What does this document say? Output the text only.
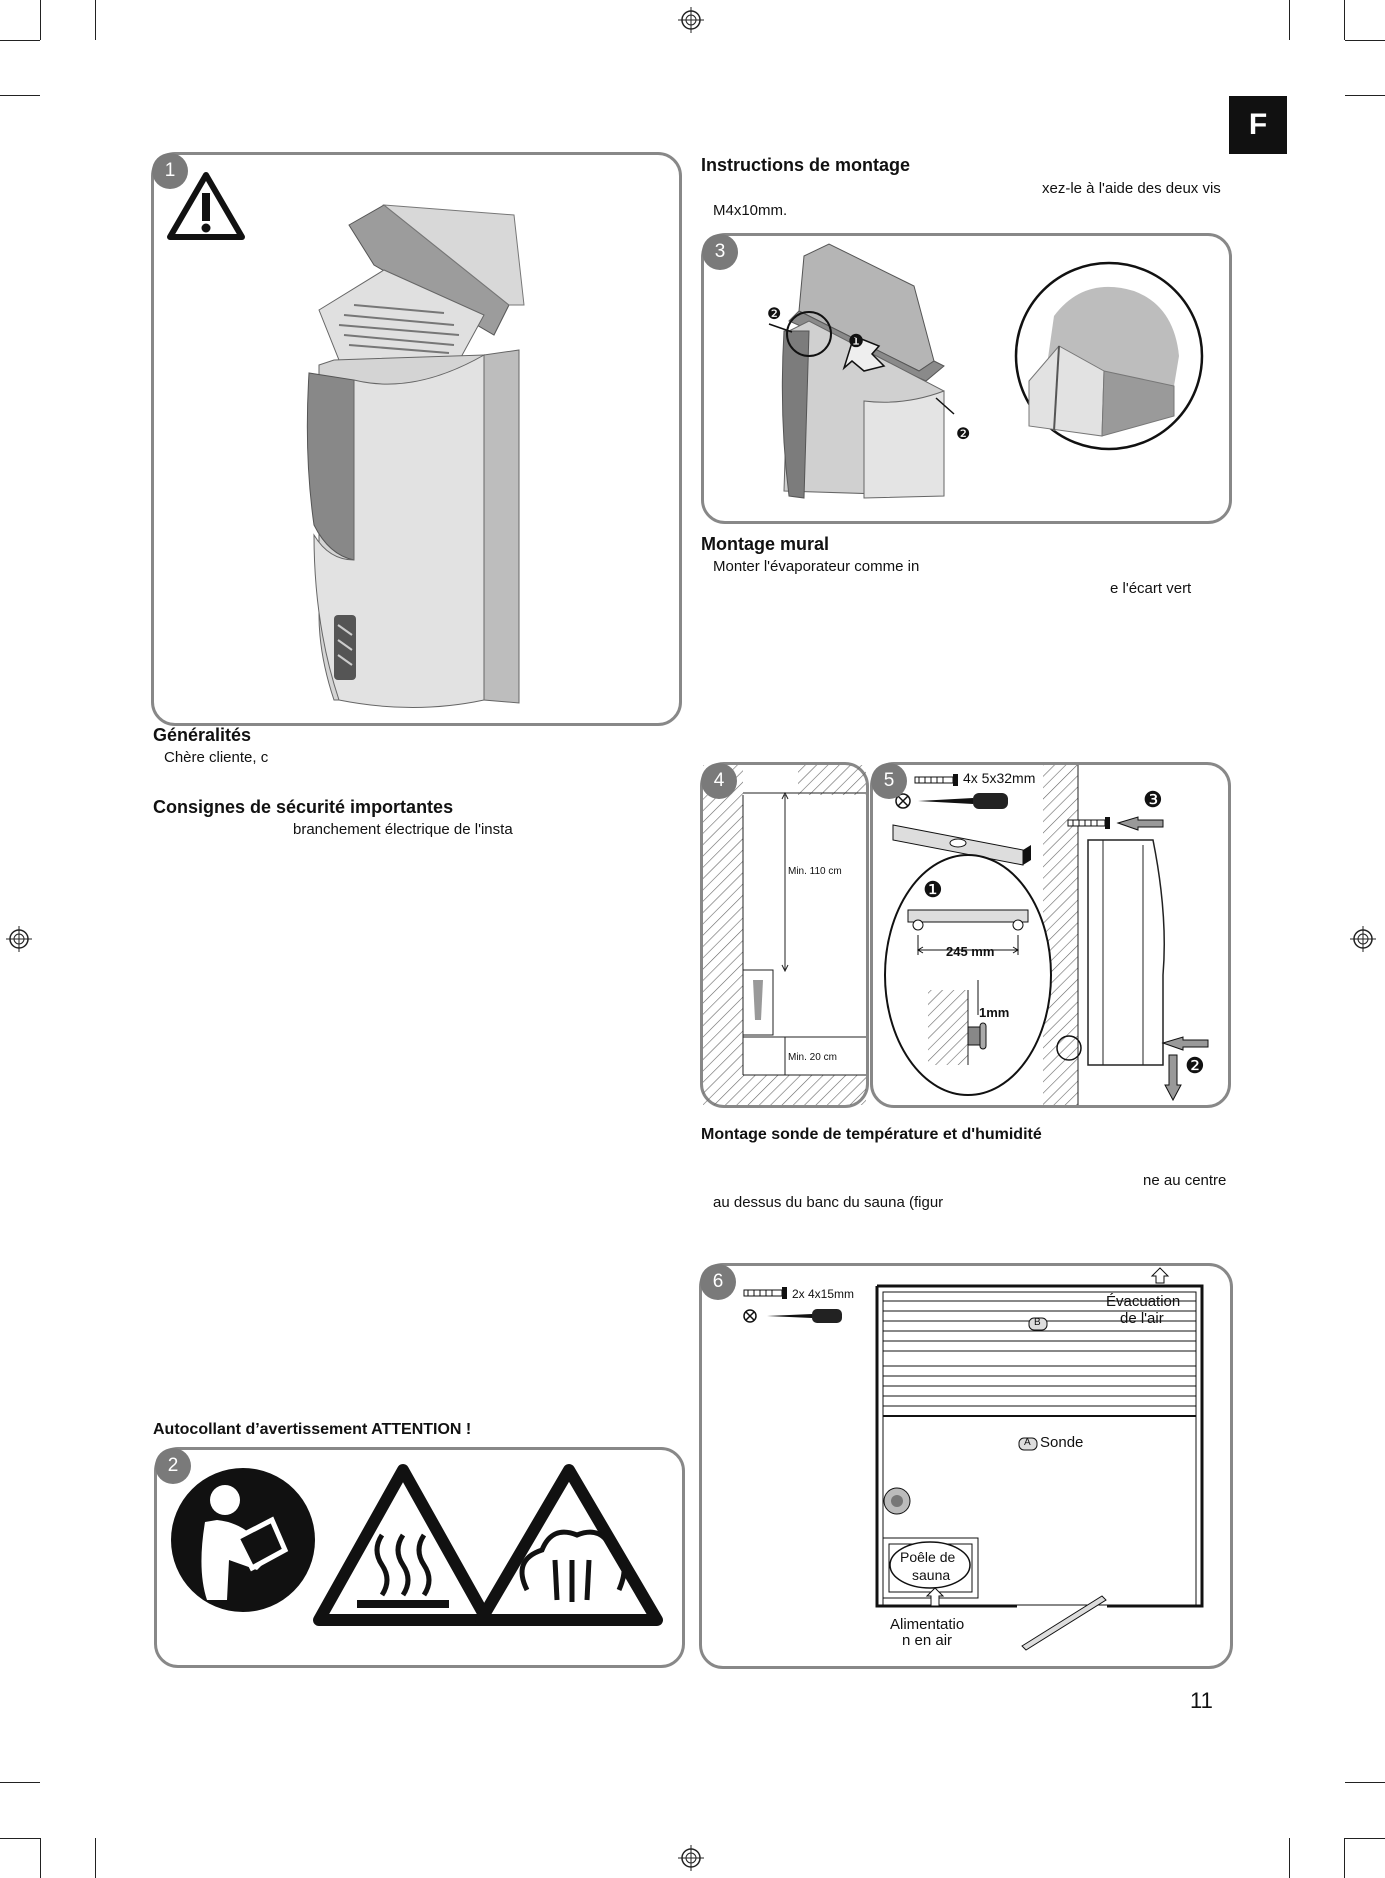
F
1
Généralités
Chère cliente, c
Consignes de sécurité importantes
branchement électrique de l'insta
Autocollant d’avertissement ATTENTION !
2
Instructions de montage
xez-le à l'aide des deux vis
M4x10mm.
❶
❷
❷
3
Montage mural
Monter l'évaporateur comme in
e l'écart vert
Min. 110 cm
Min. 20 cm
4	4x 5x32mm
245 mm
1mm
❶
❷
❸
5
Montage sonde de température et d'humidité
ne au centre
au dessus du banc du sauna (figur
2x 4x15mm
B
Évacuation
de l'air
A Sonde
Poêle de
sauna
Alimentatio
n en air
6
11
